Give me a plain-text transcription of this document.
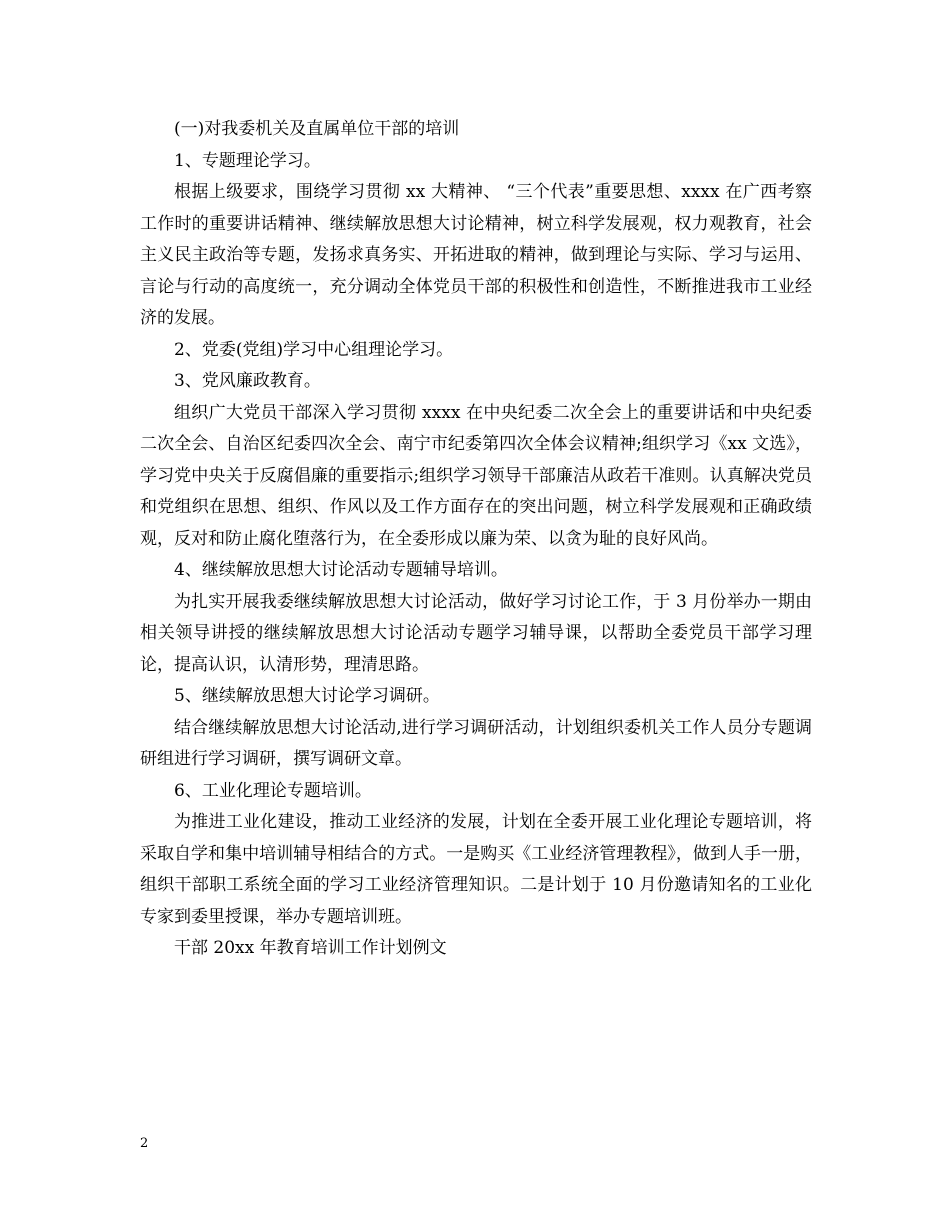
(一)对我委机关及直属单位干部的培训

1、专题理论学习。

根据上级要求，围绕学习贯彻 xx 大精神、 “三个代表”重要思想、xxxx 在广西考察工作时的重要讲话精神、继续解放思想大讨论精神，树立科学发展观，权力观教育，社会主义民主政治等专题，发扬求真务实、开拓进取的精神，做到理论与实际、学习与运用、言论与行动的高度统一，充分调动全体党员干部的积极性和创造性，不断推进我市工业经济的发展。

2、党委(党组)学习中心组理论学习。

3、党风廉政教育。

组织广大党员干部深入学习贯彻 xxxx 在中央纪委二次全会上的重要讲话和中央纪委二次全会、自治区纪委四次全会、南宁市纪委第四次全体会议精神;组织学习《xx 文选》，学习党中央关于反腐倡廉的重要指示;组织学习领导干部廉洁从政若干准则。认真解决党员和党组织在思想、组织、作风以及工作方面存在的突出问题，树立科学发展观和正确政绩观，反对和防止腐化堕落行为，在全委形成以廉为荣、以贪为耻的良好风尚。

4、继续解放思想大讨论活动专题辅导培训。

为扎实开展我委继续解放思想大讨论活动，做好学习讨论工作，于 3 月份举办一期由相关领导讲授的继续解放思想大讨论活动专题学习辅导课，以帮助全委党员干部学习理论，提高认识，认清形势，理清思路。

5、继续解放思想大讨论学习调研。

结合继续解放思想大讨论活动,进行学习调研活动，计划组织委机关工作人员分专题调研组进行学习调研，撰写调研文章。

6、工业化理论专题培训。

为推进工业化建设，推动工业经济的发展，计划在全委开展工业化理论专题培训，将采取自学和集中培训辅导相结合的方式。一是购买《工业经济管理教程》，做到人手一册，组织干部职工系统全面的学习工业经济管理知识。二是计划于 10 月份邀请知名的工业化专家到委里授课，举办专题培训班。

干部 20xx 年教育培训工作计划例文

2
